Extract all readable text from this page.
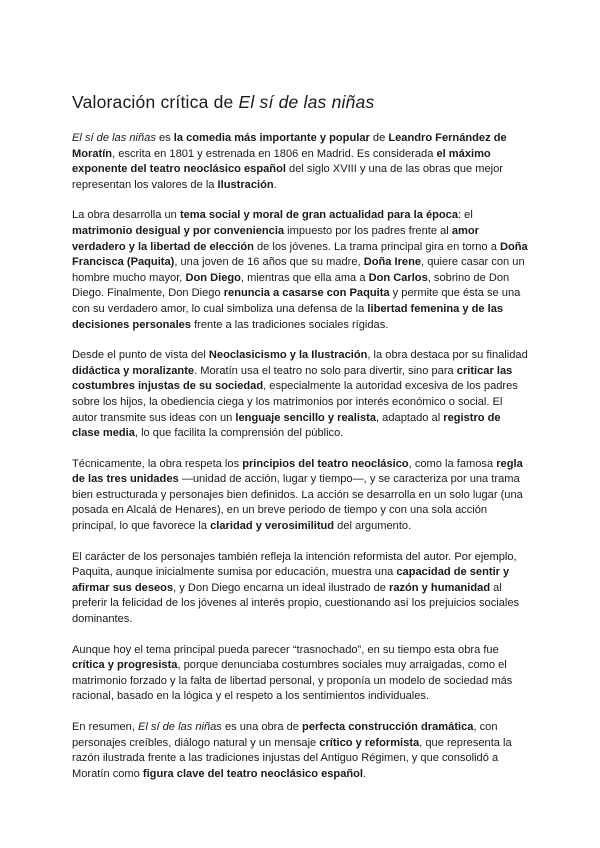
Valoración crítica de El sí de las niñas

El sí de las niñas es la comedia más importante y popular de Leandro Fernández de Moratín, escrita en 1801 y estrenada en 1806 en Madrid. Es considerada el máximo exponente del teatro neoclásico español del siglo XVIII y una de las obras que mejor representan los valores de la Ilustración.

La obra desarrolla un tema social y moral de gran actualidad para la época: el matrimonio desigual y por conveniencia impuesto por los padres frente al amor verdadero y la libertad de elección de los jóvenes. La trama principal gira en torno a Doña Francisca (Paquita), una joven de 16 años que su madre, Doña Irene, quiere casar con un hombre mucho mayor, Don Diego, mientras que ella ama a Don Carlos, sobrino de Don Diego. Finalmente, Don Diego renuncia a casarse con Paquita y permite que ésta se una con su verdadero amor, lo cual simboliza una defensa de la libertad femenina y de las decisiones personales frente a las tradiciones sociales rígidas.

Desde el punto de vista del Neoclasicismo y la Ilustración, la obra destaca por su finalidad didáctica y moralizante. Moratín usa el teatro no solo para divertir, sino para criticar las costumbres injustas de su sociedad, especialmente la autoridad excesiva de los padres sobre los hijos, la obediencia ciega y los matrimonios por interés económico o social. El autor transmite sus ideas con un lenguaje sencillo y realista, adaptado al registro de clase media, lo que facilita la comprensión del público.

Técnicamente, la obra respeta los principios del teatro neoclásico, como la famosa regla de las tres unidades —unidad de acción, lugar y tiempo—, y se caracteriza por una trama bien estructurada y personajes bien definidos. La acción se desarrolla en un solo lugar (una posada en Alcalá de Henares), en un breve periodo de tiempo y con una sola acción principal, lo que favorece la claridad y verosimilitud del argumento.

El carácter de los personajes también refleja la intención reformista del autor. Por ejemplo, Paquita, aunque inicialmente sumisa por educación, muestra una capacidad de sentir y afirmar sus deseos, y Don Diego encarna un ideal ilustrado de razón y humanidad al preferir la felicidad de los jóvenes al interés propio, cuestionando así los prejuicios sociales dominantes.

Aunque hoy el tema principal pueda parecer “trasnochado”, en su tiempo esta obra fue crítica y progresista, porque denunciaba costumbres sociales muy arraigadas, como el matrimonio forzado y la falta de libertad personal, y proponía un modelo de sociedad más racional, basado en la lógica y el respeto a los sentimientos individuales.

En resumen, El sí de las niñas es una obra de perfecta construcción dramática, con personajes creíbles, diálogo natural y un mensaje crítico y reformista, que representa la razón ilustrada frente a las tradiciones injustas del Antiguo Régimen, y que consolidó a Moratín como figura clave del teatro neoclásico español.
